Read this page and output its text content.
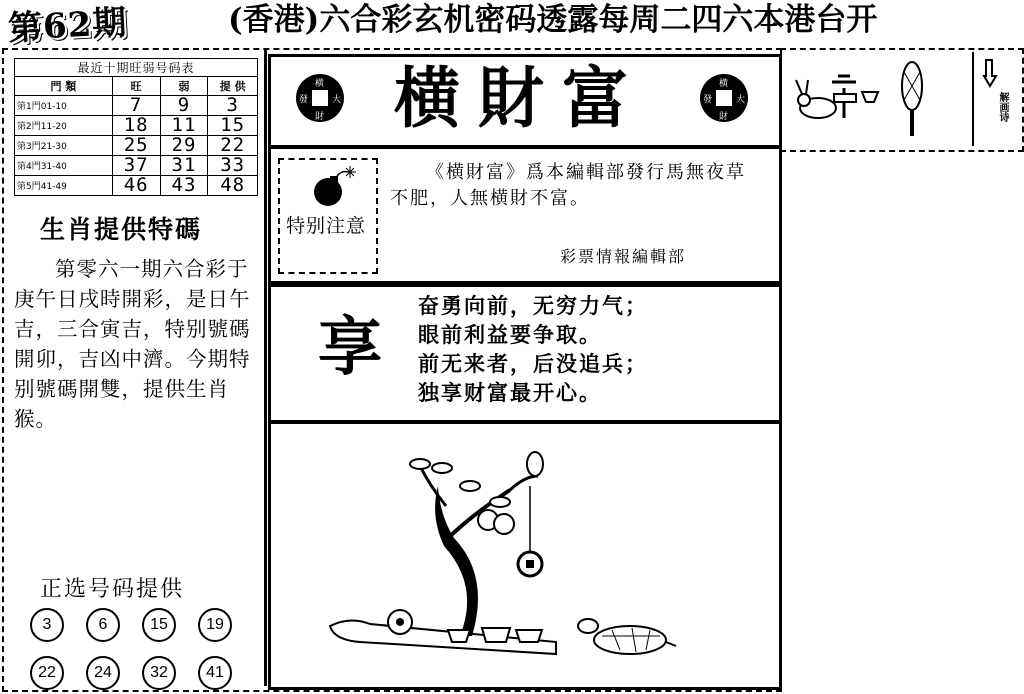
第62期	(香港)六合彩玄机密码透露每周二四六本港台开
最近十期旺弱号码表			
門 類	旺	弱	提 供
第1門01-10	7	9	3
第2門11-20	18	11	15
第3門21-30	25	29	22
第4門31-40	37	31	33
第5門41-49	46	43	48
生肖提供特碼
第零六一期六合彩于庚午日戌時開彩，是日午吉，三合寅吉，特别號碼開卯，吉凶中濟。今期特别號碼開雙，提供生肖猴。
正选号码提供
3	6	15	19
22	24	32	41
横
大
財
發	横財富	横
大
財
發
特别注意
《横財富》爲本編輯部發行馬無夜草不肥，人無横財不富。
彩票情報編輯部
享
奋勇向前，无穷力气；
眼前利益要争取。
前无来者，后没追兵；
独享财富最开心。
解画诗
